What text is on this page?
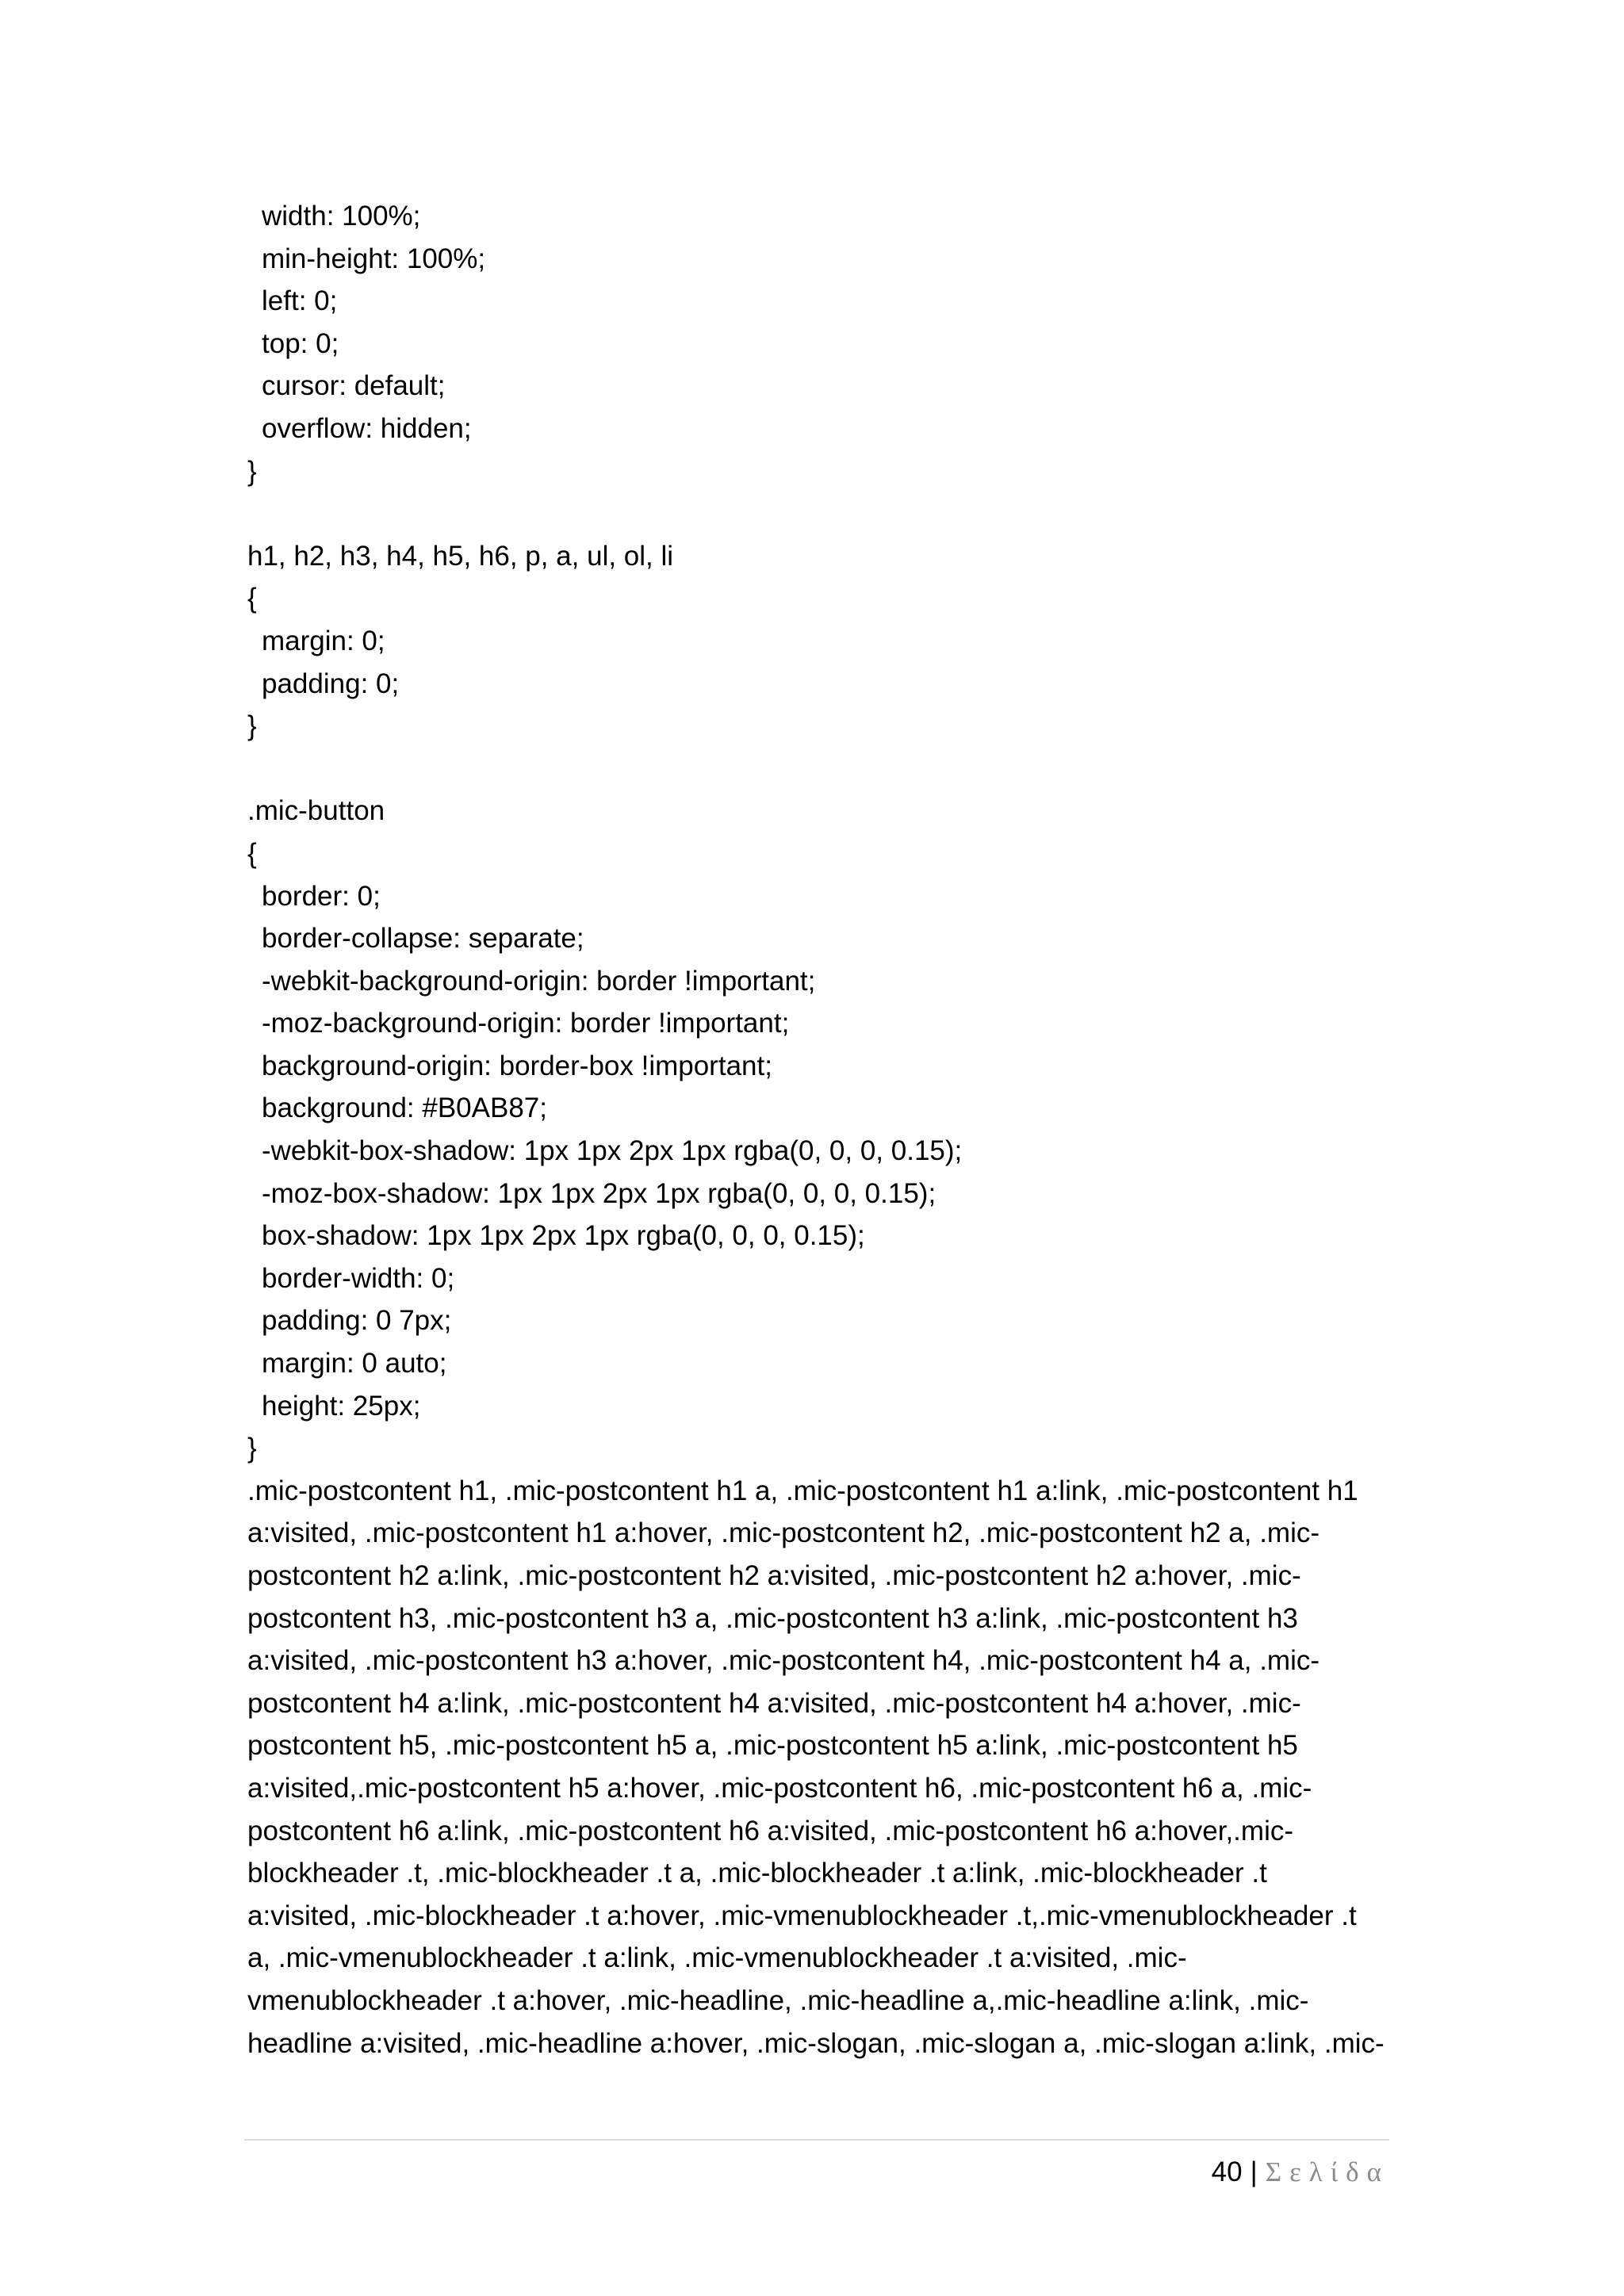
width: 100%;
min-height: 100%;
left: 0;
top: 0;
cursor: default;
overflow: hidden;
}
h1, h2, h3, h4, h5, h6, p, a, ul, ol, li
{
margin: 0;
padding: 0;
}
.mic-button
{
border: 0;
border-collapse: separate;
-webkit-background-origin: border !important;
-moz-background-origin: border !important;
background-origin: border-box !important;
background: #B0AB87;
-webkit-box-shadow: 1px 1px 2px 1px rgba(0, 0, 0, 0.15);
-moz-box-shadow: 1px 1px 2px 1px rgba(0, 0, 0, 0.15);
box-shadow: 1px 1px 2px 1px rgba(0, 0, 0, 0.15);
border-width: 0;
padding: 0 7px;
margin: 0 auto;
height: 25px;
}
.mic-postcontent h1, .mic-postcontent h1 a, .mic-postcontent h1 a:link, .mic-postcontent h1
a:visited, .mic-postcontent h1 a:hover, .mic-postcontent h2, .mic-postcontent h2 a, .mic-
postcontent h2 a:link, .mic-postcontent h2 a:visited, .mic-postcontent h2 a:hover, .mic-
postcontent h3, .mic-postcontent h3 a, .mic-postcontent h3 a:link, .mic-postcontent h3
a:visited, .mic-postcontent h3 a:hover, .mic-postcontent h4, .mic-postcontent h4 a, .mic-
postcontent h4 a:link, .mic-postcontent h4 a:visited, .mic-postcontent h4 a:hover, .mic-
postcontent h5, .mic-postcontent h5 a, .mic-postcontent h5 a:link, .mic-postcontent h5
a:visited,.mic-postcontent h5 a:hover, .mic-postcontent h6, .mic-postcontent h6 a, .mic-
postcontent h6 a:link, .mic-postcontent h6 a:visited, .mic-postcontent h6 a:hover,.mic-
blockheader .t, .mic-blockheader .t a, .mic-blockheader .t a:link, .mic-blockheader .t
a:visited, .mic-blockheader .t a:hover, .mic-vmenublockheader .t,.mic-vmenublockheader .t
a, .mic-vmenublockheader .t a:link, .mic-vmenublockheader .t a:visited, .mic-
vmenublockheader .t a:hover, .mic-headline, .mic-headline a,.mic-headline a:link, .mic-
headline a:visited, .mic-headline a:hover, .mic-slogan, .mic-slogan a, .mic-slogan a:link, .mic-
40 | Σελίδα
